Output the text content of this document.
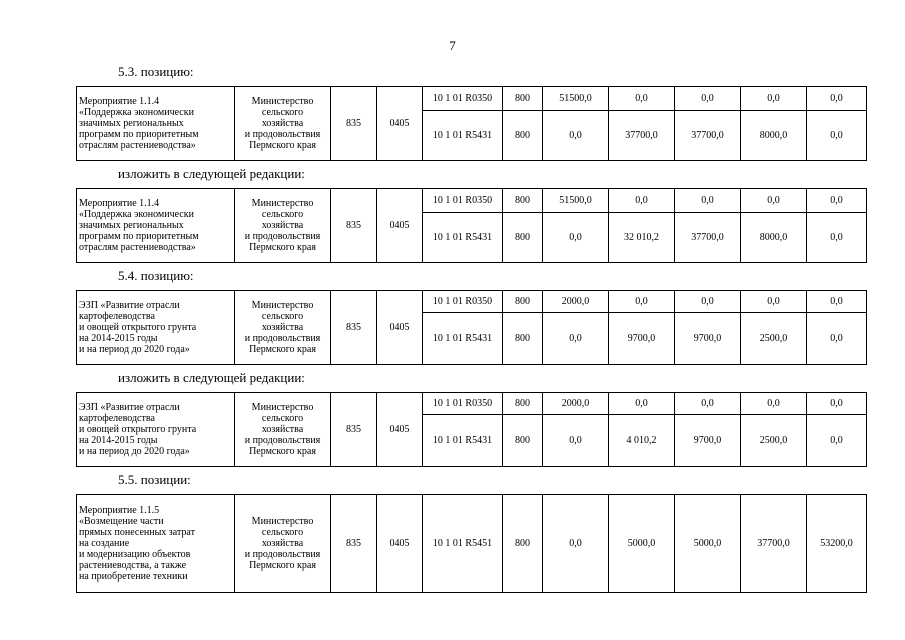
7
5.3. позицию:
Мероприятие 1.1.4
«Поддержка экономически
значимых региональных
программ по приоритетным
отраслям растениеводства»	Министерство
сельского
хозяйства
и продовольствия
Пермского края	835	0405	10 1 01 R0350	800	51500,0	0,0	0,0	0,0	0,0
				10 1 01 R5431	800	0,0	37700,0	37700,0	8000,0	0,0
изложить в следующей редакции:
Мероприятие 1.1.4
«Поддержка экономически
значимых региональных
программ по приоритетным
отраслям растениеводства»	Министерство
сельского
хозяйства
и продовольствия
Пермского края	835	0405	10 1 01 R0350	800	51500,0	0,0	0,0	0,0	0,0
				10 1 01 R5431	800	0,0	32 010,2	37700,0	8000,0	0,0
5.4. позицию:
ЭЗП «Развитие отрасли
картофелеводства
и овощей открытого грунта
на 2014-2015 годы
и на период до 2020 года»	Министерство
сельского
хозяйства
и продовольствия
Пермского края	835	0405	10 1 01 R0350	800	2000,0	0,0	0,0	0,0	0,0
				10 1 01 R5431	800	0,0	9700,0	9700,0	2500,0	0,0
изложить в следующей редакции:
ЭЗП «Развитие отрасли
картофелеводства
и овощей открытого грунта
на 2014-2015 годы
и на период до 2020 года»	Министерство
сельского
хозяйства
и продовольствия
Пермского края	835	0405	10 1 01 R0350	800	2000,0	0,0	0,0	0,0	0,0
				10 1 01 R5431	800	0,0	4 010,2	9700,0	2500,0	0,0
5.5. позиции:
Мероприятие 1.1.5
«Возмещение части
прямых понесенных затрат
на создание
и модернизацию объектов
растениеводства, а также
на приобретение техники	Министерство
сельского
хозяйства
и продовольствия
Пермского края	835	0405	10 1 01 R5451	800	0,0	5000,0	5000,0	37700,0	53200,0
